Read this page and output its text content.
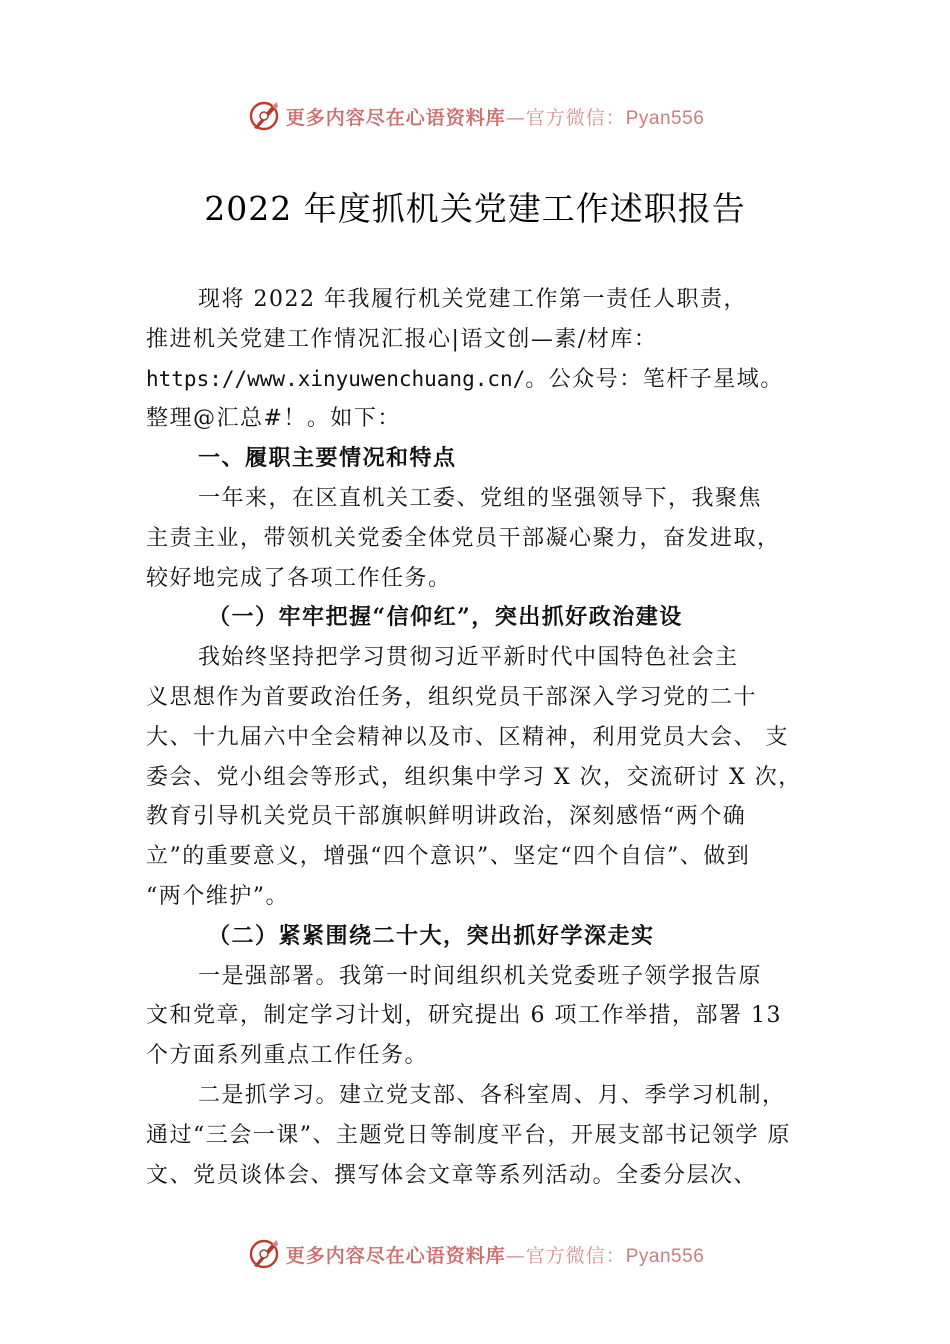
更多内容尽在心语资料库—官方微信：Pyan556
2022 年度抓机关党建工作述职报告
现将 2022 年我履行机关党建工作第一责任人职责，
推进机关党建工作情况汇报心|语文创—素/材库：
https://www.xinyuwenchuang.cn/。公众号：笔杆子星域。
整理@汇总#！。如下：
一、履职主要情况和特点
一年来，在区直机关工委、党组的坚强领导下，我聚焦
主责主业，带领机关党委全体党员干部凝心聚力，奋发进取，
较好地完成了各项工作任务。
（一）牢牢把握“信仰红”，突出抓好政治建设
我始终坚持把学习贯彻习近平新时代中国特色社会主
义思想作为首要政治任务，组织党员干部深入学习党的二十
大、十九届六中全会精神以及市、区精神，利用党员大会、 支
委会、党小组会等形式，组织集中学习 X 次，交流研讨 X 次，
教育引导机关党员干部旗帜鲜明讲政治，深刻感悟“两个确
立”的重要意义，增强“四个意识”、坚定“四个自信”、做到
“两个维护”。
（二）紧紧围绕二十大，突出抓好学深走实
一是强部署。我第一时间组织机关党委班子领学报告原
文和党章，制定学习计划，研究提出 6 项工作举措，部署 13
个方面系列重点工作任务。
二是抓学习。建立党支部、各科室周、月、季学习机制，
通过“三会一课”、主题党日等制度平台，开展支部书记领学 原
文、党员谈体会、撰写体会文章等系列活动。全委分层次、
更多内容尽在心语资料库—官方微信：Pyan556
